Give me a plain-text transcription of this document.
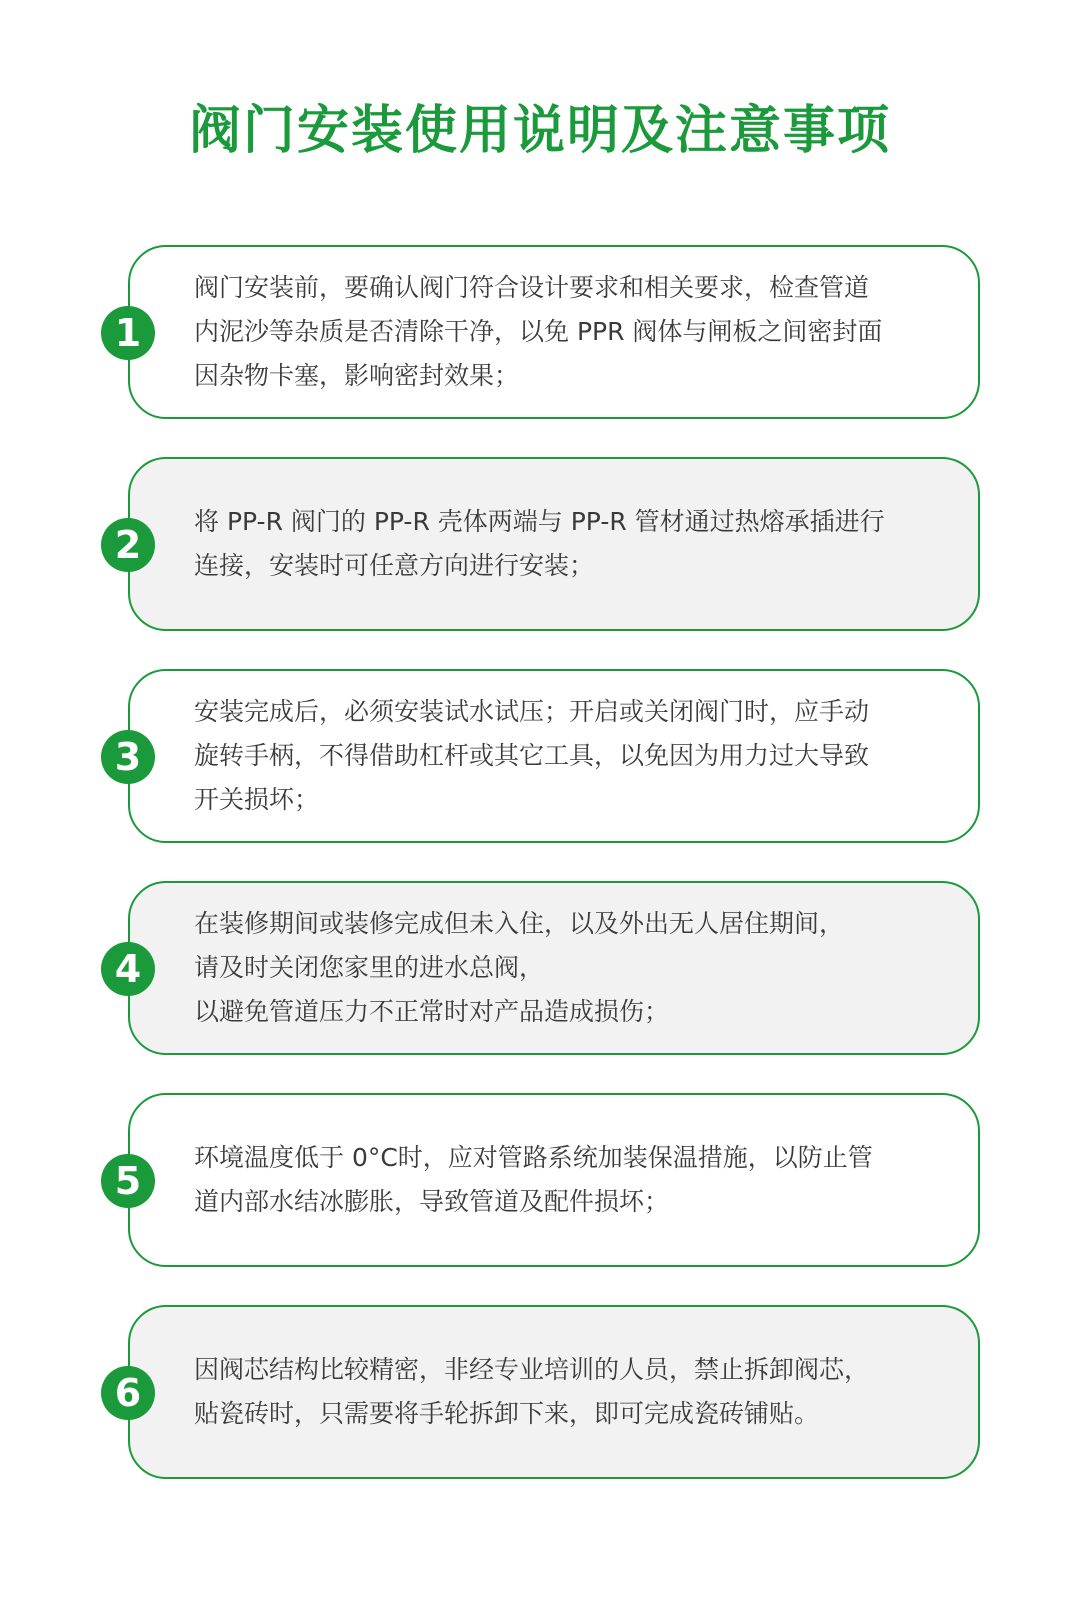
阀门安装使用说明及注意事项
阀门安装前，要确认阀门符合设计要求和相关要求，检查管道
内泥沙等杂质是否清除干净，以免 PPR 阀体与闸板之间密封面
因杂物卡塞，影响密封效果；
1
将 PP-R 阀门的 PP-R 壳体两端与 PP-R 管材通过热熔承插进行
连接，安装时可任意方向进行安装；
2
安装完成后，必须安装试水试压；开启或关闭阀门时，应手动
旋转手柄，不得借助杠杆或其它工具，以免因为用力过大导致
开关损坏；
3
在装修期间或装修完成但未入住，以及外出无人居住期间，
请及时关闭您家里的进水总阀，
以避免管道压力不正常时对产品造成损伤；
4
环境温度低于 0°C时，应对管路系统加装保温措施，以防止管
道内部水结冰膨胀，导致管道及配件损坏；
5
因阀芯结构比较精密，非经专业培训的人员，禁止拆卸阀芯，
贴瓷砖时，只需要将手轮拆卸下来，即可完成瓷砖铺贴。
6
